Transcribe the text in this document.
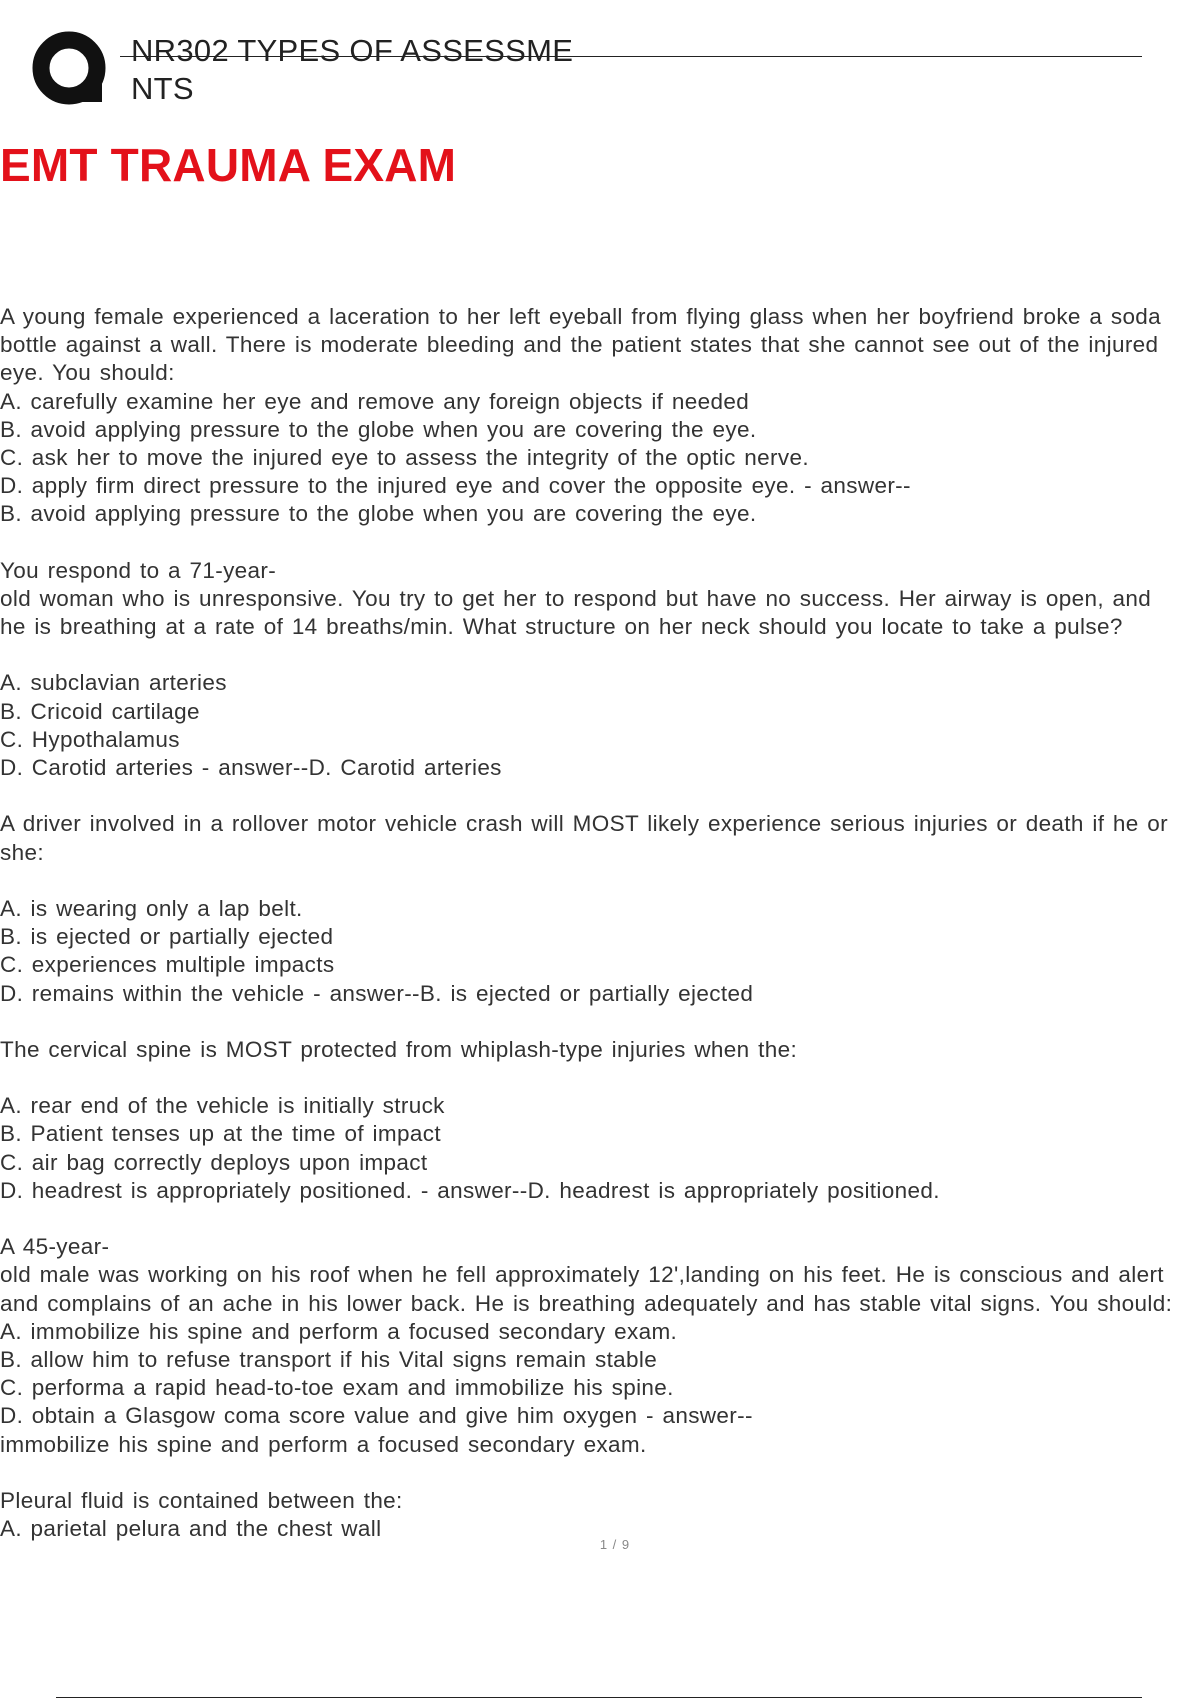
NR302 TYPES OF ASSESSME
NTS
EMT TRAUMA EXAM
A young female experienced a laceration to her left eyeball from flying glass when her boyfriend broke a soda
bottle against a wall. There is moderate bleeding and the patient states that she cannot see out of the injured
eye. You should:
A. carefully examine her eye and remove any foreign objects if needed
B. avoid applying pressure to the globe when you are covering the eye.
C. ask her to move the injured eye to assess the integrity of the optic nerve.
D. apply firm direct pressure to the injured eye and cover the opposite eye. - answer--
B. avoid applying pressure to the globe when you are covering the eye.
You respond to a 71-year-
old woman who is unresponsive. You try to get her to respond but have no success. Her airway is open, and
he is breathing at a rate of 14 breaths/min. What structure on her neck should you locate to take a pulse?
A. subclavian arteries
B. Cricoid cartilage
C. Hypothalamus
D. Carotid arteries - answer--D. Carotid arteries
A driver involved in a rollover motor vehicle crash will MOST likely experience serious injuries or death if he or
she:
A. is wearing only a lap belt.
B. is ejected or partially ejected
C. experiences multiple impacts
D. remains within the vehicle - answer--B. is ejected or partially ejected
The cervical spine is MOST protected from whiplash-type injuries when the:
A. rear end of the vehicle is initially struck
B. Patient tenses up at the time of impact
C. air bag correctly deploys upon impact
D. headrest is appropriately positioned. - answer--D. headrest is appropriately positioned.
A 45-year-
old male was working on his roof when he fell approximately 12',landing on his feet. He is conscious and alert
and complains of an ache in his lower back. He is breathing adequately and has stable vital signs. You should:
A. immobilize his spine and perform a focused secondary exam.
B. allow him to refuse transport if his Vital signs remain stable
C. performa a rapid head-to-toe exam and immobilize his spine.
D. obtain a Glasgow coma score value and give him oxygen - answer--
immobilize his spine and perform a focused secondary exam.
Pleural fluid is contained between the:
A. parietal pelura and the chest wall
1 / 9
